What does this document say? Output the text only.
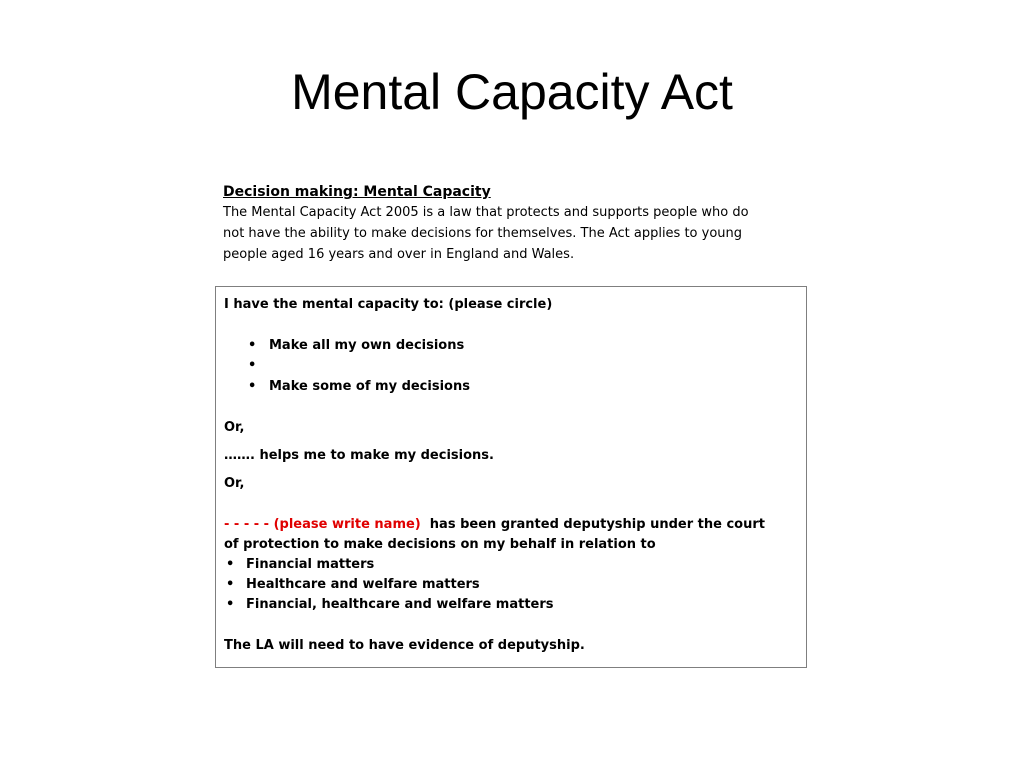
Mental Capacity Act

Decision making: Mental Capacity

The Mental Capacity Act 2005 is a law that protects and supports people who do

not have the ability to make decisions for themselves. The Act applies to young

people aged 16 years and over in England and Wales.

I have the mental capacity to: (please circle)

• Make all my own decisions
•
• Make some of my decisions

Or,

……. helps me to make my decisions.

Or,

- - - - - (please write name)  has been granted deputyship under the court

of protection to make decisions on my behalf in relation to

• Financial matters
• Healthcare and welfare matters
• Financial, healthcare and welfare matters

The LA will need to have evidence of deputyship.
